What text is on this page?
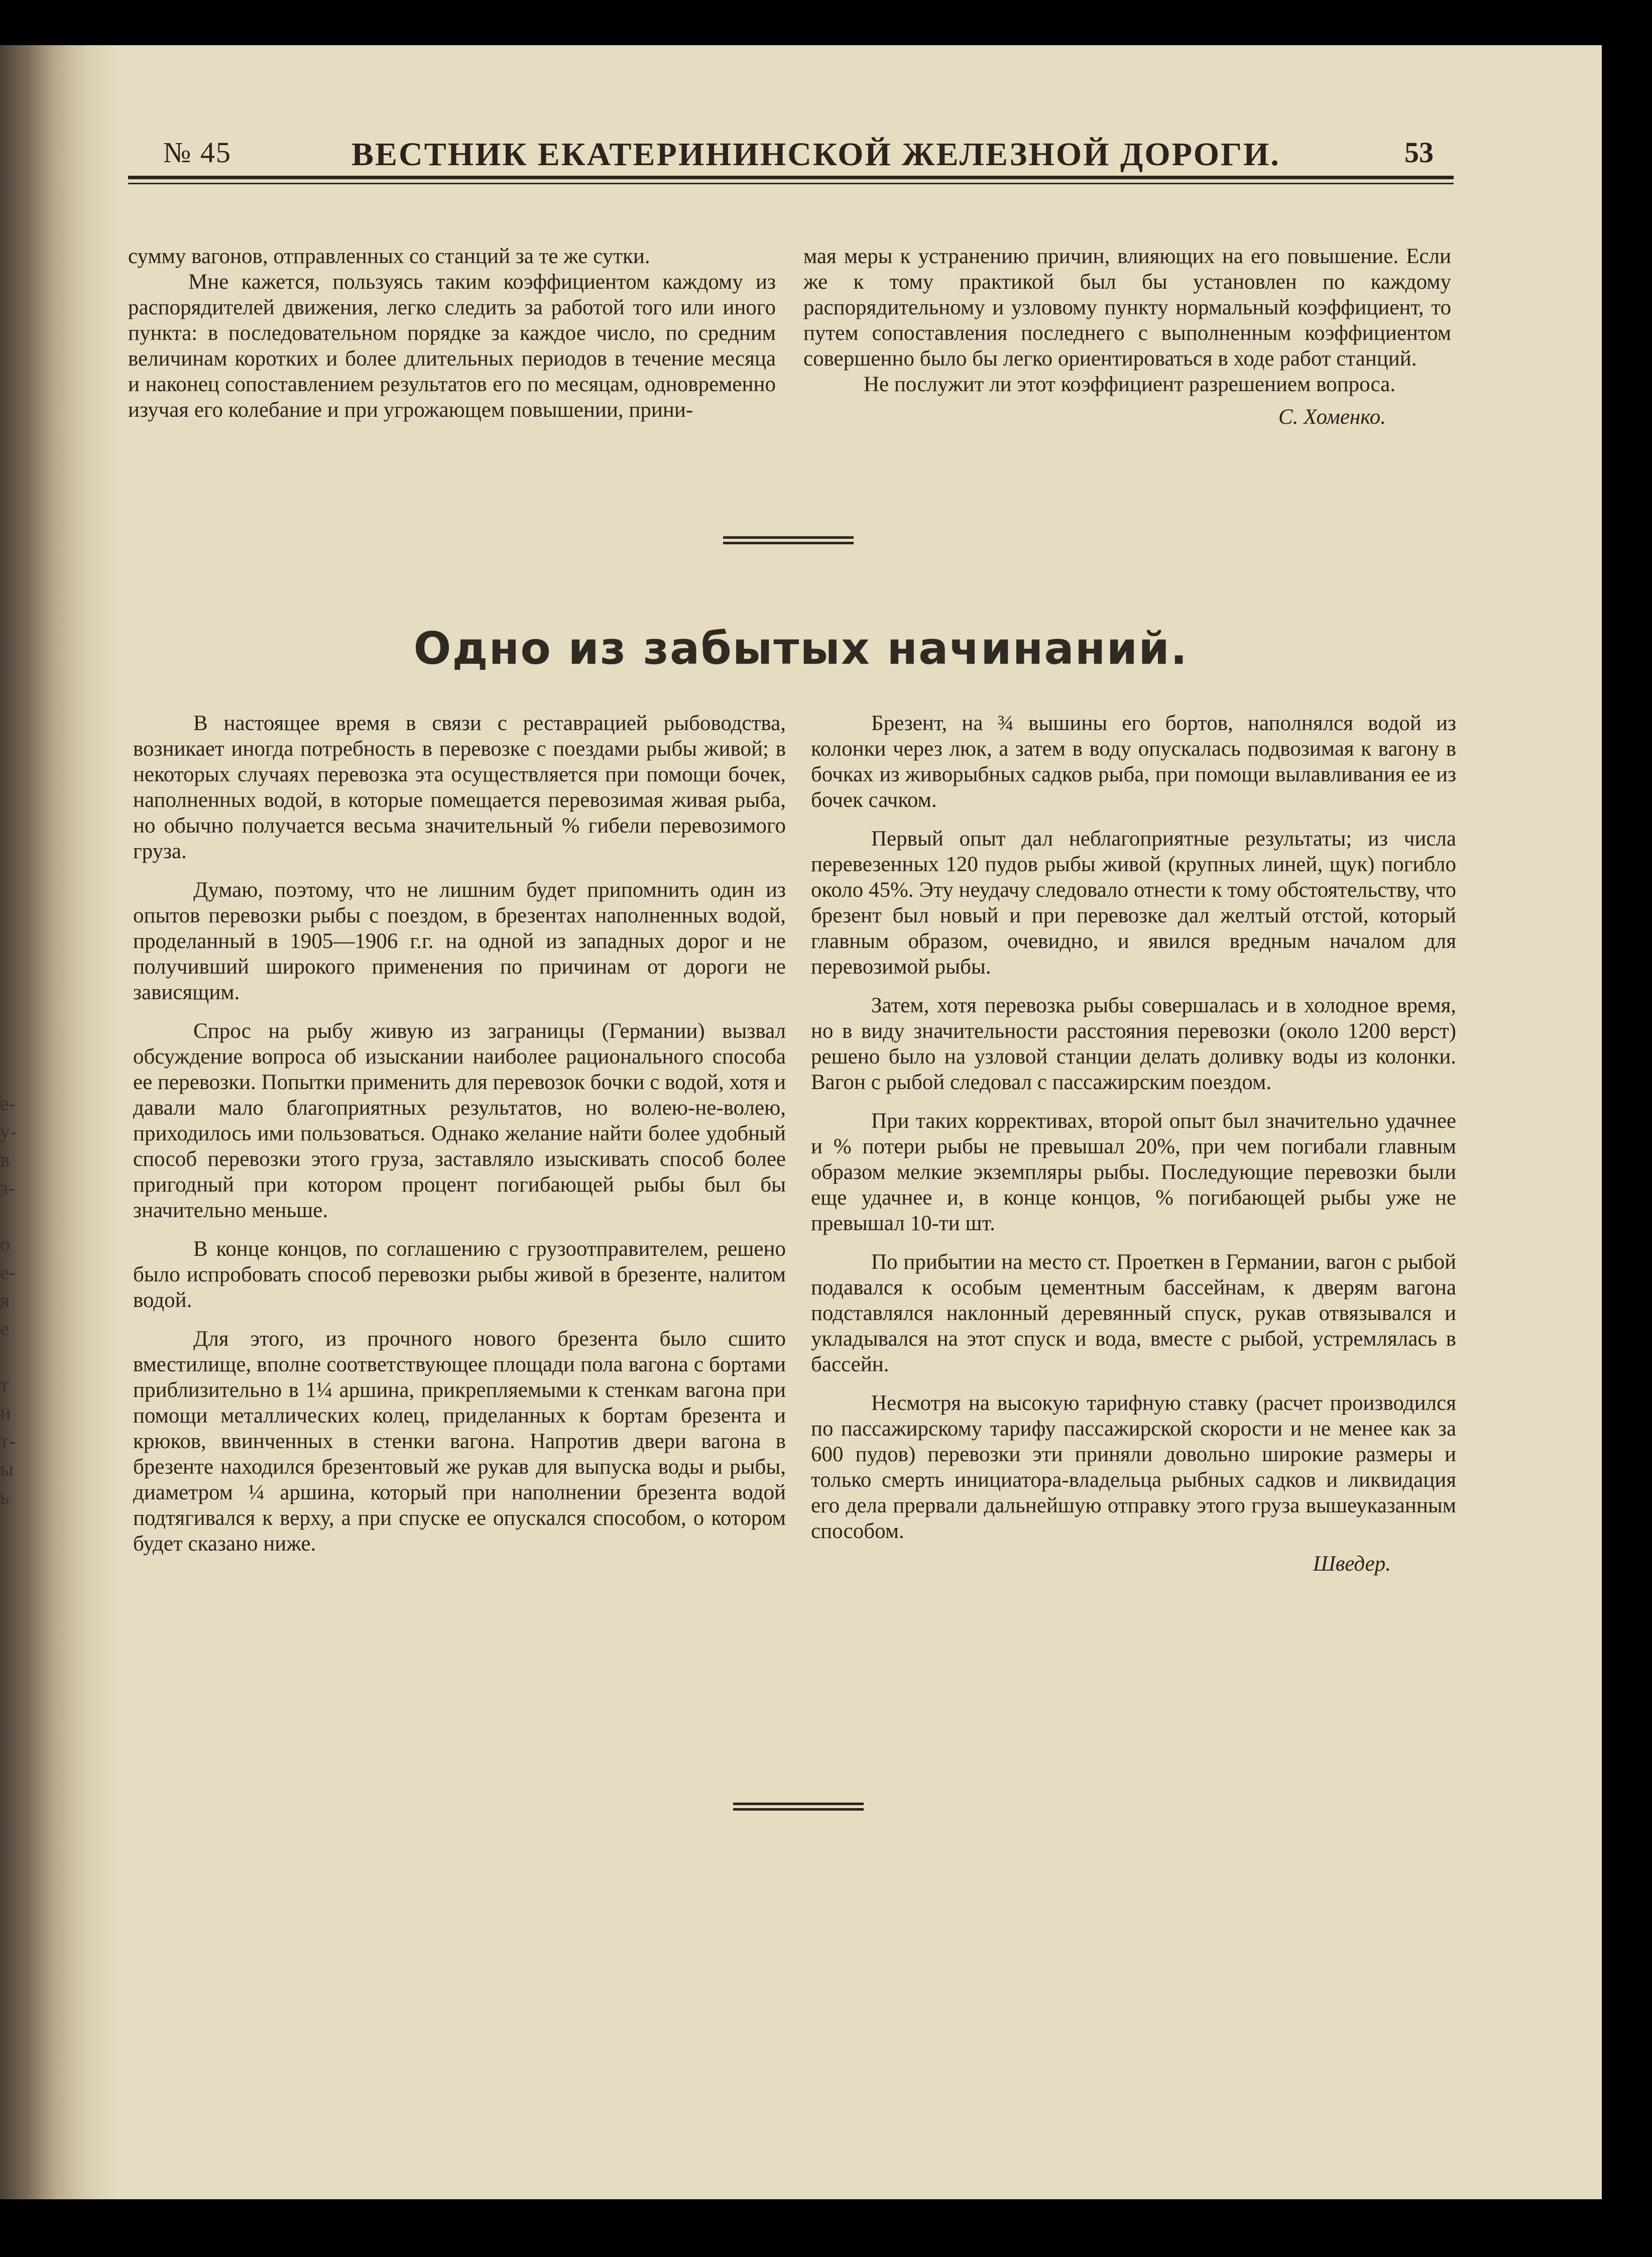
е-
у-
в
з-
о
е-
я
е
т
и
т-
ы
ь
№ 45	ВЕСТНИК ЕКАТЕРИНИНСКОЙ ЖЕЛЕЗНОЙ ДОРОГИ.	53

сумму вагонов, отправленных со станций за те же сутки.

Мне кажется, пользуясь таким коэффициентом каждому из распорядителей движения, легко следить за работой того или иного пункта: в последовательном порядке за каждое число, по средним величинам коротких и более длительных периодов в течение месяца и наконец сопоставлением результатов его по месяцам, одновременно изучая его колебание и при угрожающем повышении, прини-

мая меры к устранению причин, влияющих на его повышение. Если же к тому практикой был бы установлен по каждому распорядительному и узловому пункту нормальный коэффициент, то путем сопоставления последнего с выполненным коэффициентом совершенно было бы легко ориентироваться в ходе работ станций.

Не послужит ли этот коэффициент разрешением вопроса.

С. Хоменко.
Одно из забытых начинаний.

В настоящее время в связи с реставрацией рыбоводства, возникает иногда потребность в перевозке с поездами рыбы живой; в некоторых случаях перевозка эта осуществляется при помощи бочек, наполненных водой, в которые помещается перевозимая живая рыба, но обычно получается весьма значительный % гибели перевозимого груза.

Думаю, поэтому, что не лишним будет припомнить один из опытов перевозки рыбы с поездом, в брезентах наполненных водой, проделанный в 1905—1906 г.г. на одной из западных дорог и не получивший широкого применения по причинам от дороги не зависящим.

Спрос на рыбу живую из заграницы (Германии) вызвал обсуждение вопроса об изыскании наиболее рационального способа ее перевозки. Попытки применить для перевозок бочки с водой, хотя и давали мало благоприятных результатов, но волею-не-волею, приходилось ими пользоваться. Однако желание найти более удобный способ перевозки этого груза, заставляло изыскивать способ более пригодный при котором процент погибающей рыбы был бы значительно меньше.

В конце концов, по соглашению с грузоотправителем, решено было испробовать способ перевозки рыбы живой в брезенте, налитом водой.

Для этого, из прочного нового брезента было сшито вместилище, вполне соответствующее площади пола вагона с бортами приблизительно в 1¼ аршина, прикрепляемыми к стенкам вагона при помощи металлических колец, приделанных к бортам брезента и крюков, ввинченных в стенки вагона. Напротив двери вагона в брезенте находился брезентовый же рукав для выпуска воды и рыбы, диаметром ¼ аршина, который при наполнении брезента водой подтягивался к верху, а при спуске ее опускался способом, о котором будет сказано ниже.

Брезент, на ¾ вышины его бортов, наполнялся водой из колонки через люк, а затем в воду опускалась подвозимая к вагону в бочках из живорыбных садков рыба, при помощи вылавливания ее из бочек сачком.

Первый опыт дал неблагоприятные результаты; из числа перевезенных 120 пудов рыбы живой (крупных линей, щук) погибло около 45%. Эту неудачу следовало отнести к тому обстоятельству, что брезент был новый и при перевозке дал желтый отстой, который главным образом, очевидно, и явился вредным началом для перевозимой рыбы.

Затем, хотя перевозка рыбы совершалась и в холодное время, но в виду значительности расстояния перевозки (около 1200 верст) решено было на узловой станции делать доливку воды из колонки. Вагон с рыбой следовал с пассажирским поездом.

При таких коррективах, второй опыт был значительно удачнее и % потери рыбы не превышал 20%, при чем погибали главным образом мелкие экземпляры рыбы. Последующие перевозки были еще удачнее и, в конце концов, % погибающей рыбы уже не превышал 10-ти шт.

По прибытии на место ст. Проеткен в Германии, вагон с рыбой подавался к особым цементным бассейнам, к дверям вагона подставлялся наклонный деревянный спуск, рукав отвязывался и укладывался на этот спуск и вода, вместе с рыбой, устремлялась в бассейн.

Несмотря на высокую тарифную ставку (расчет производился по пассажирскому тарифу пассажирской скорости и не менее как за 600 пудов) перевозки эти приняли довольно широкие размеры и только смерть инициатора-владельца рыбных садков и ликвидация его дела прервали дальнейшую отправку этого груза вышеуказанным способом.

Шведер.
